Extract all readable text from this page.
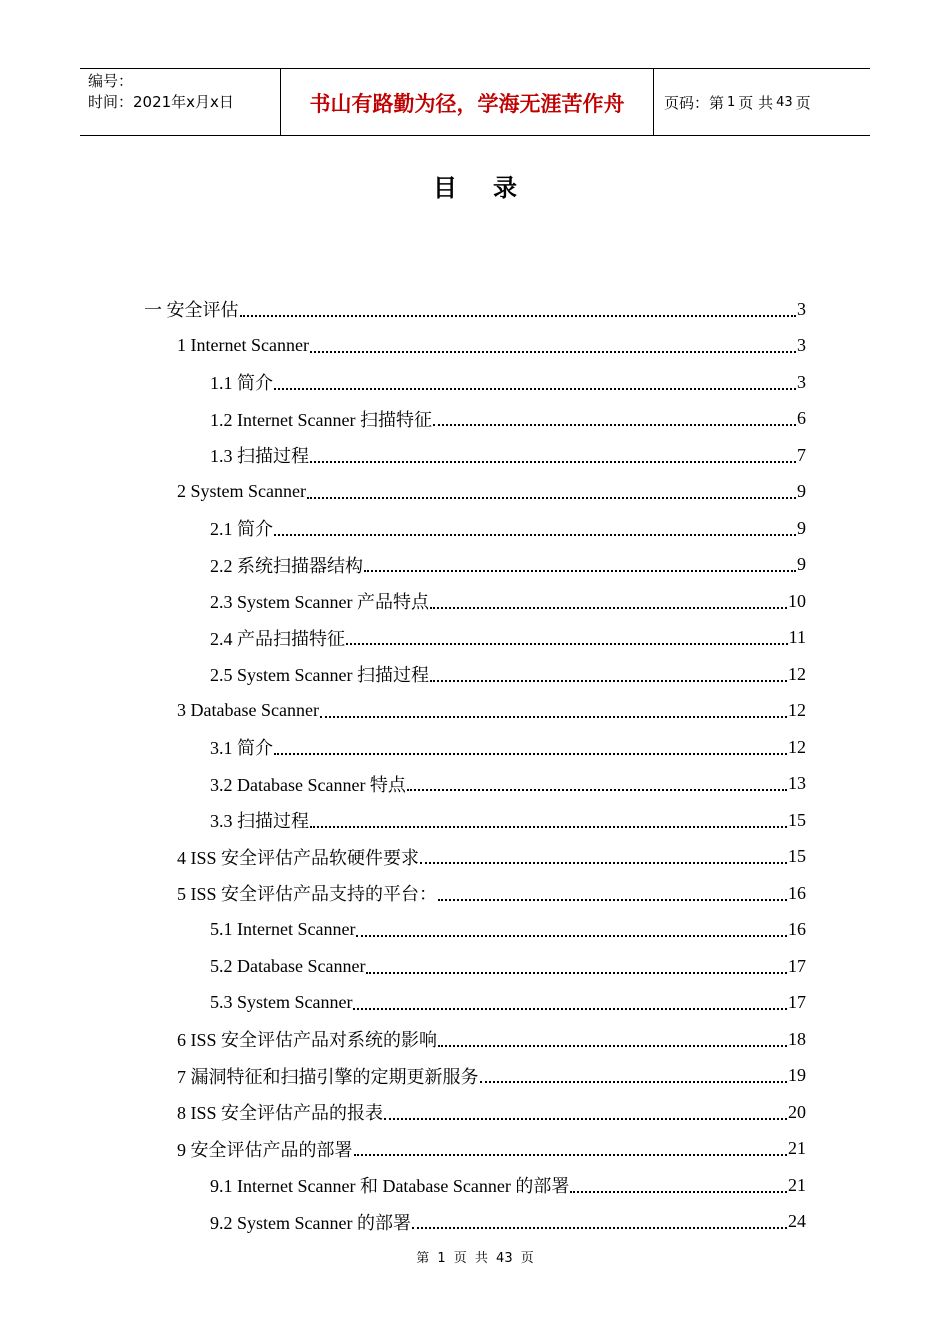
编号：
时间：2021年x月x日	书山有路勤为径，学海无涯苦作舟	页码：第 1 页 共 43 页
目录
一 安全评估	3
1 Internet Scanner	3
1.1 简介	3
1.2 Internet Scanner 扫描特征	6
1.3 扫描过程	7
2 System Scanner	9
2.1 简介	9
2.2 系统扫描器结构	9
2.3 System Scanner 产品特点	10
2.4 产品扫描特征	11
2.5 System Scanner 扫描过程	12
3 Database Scanner	12
3.1 简介	12
3.2 Database Scanner 特点	13
3.3 扫描过程	15
4 ISS 安全评估产品软硬件要求	15
5 ISS 安全评估产品支持的平台：	16
5.1 Internet Scanner	16
5.2 Database Scanner	17
5.3 System Scanner	17
6 ISS 安全评估产品对系统的影响	18
7 漏洞特征和扫描引擎的定期更新服务	19
8 ISS 安全评估产品的报表	20
9 安全评估产品的部署	21
9.1 Internet Scanner 和 Database Scanner 的部署	21
9.2 System Scanner 的部署	24
第 1 页 共 43 页
